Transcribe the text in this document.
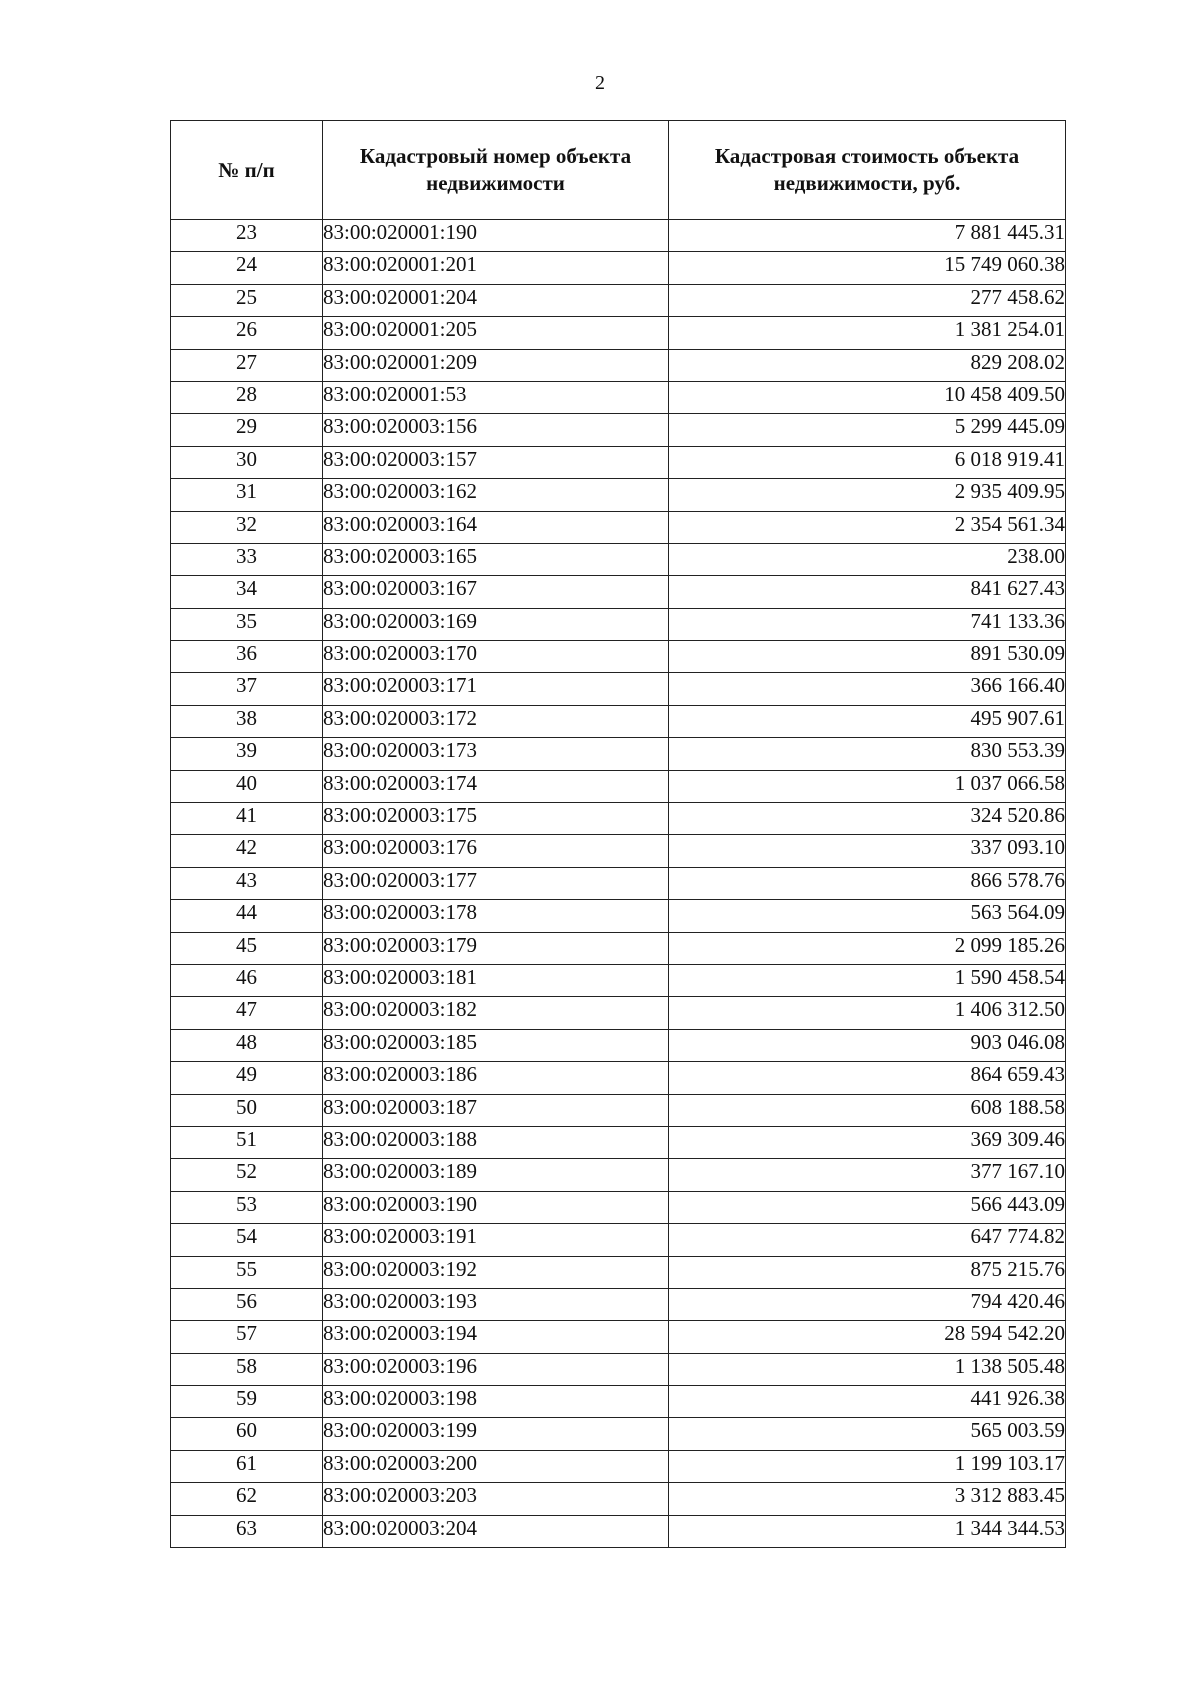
2
№ п/п	Кадастровый номер объекта недвижимости	Кадастровая стоимость объекта недвижимости, руб.
23	83:00:020001:190	7 881 445.31
24	83:00:020001:201	15 749 060.38
25	83:00:020001:204	277 458.62
26	83:00:020001:205	1 381 254.01
27	83:00:020001:209	829 208.02
28	83:00:020001:53	10 458 409.50
29	83:00:020003:156	5 299 445.09
30	83:00:020003:157	6 018 919.41
31	83:00:020003:162	2 935 409.95
32	83:00:020003:164	2 354 561.34
33	83:00:020003:165	238.00
34	83:00:020003:167	841 627.43
35	83:00:020003:169	741 133.36
36	83:00:020003:170	891 530.09
37	83:00:020003:171	366 166.40
38	83:00:020003:172	495 907.61
39	83:00:020003:173	830 553.39
40	83:00:020003:174	1 037 066.58
41	83:00:020003:175	324 520.86
42	83:00:020003:176	337 093.10
43	83:00:020003:177	866 578.76
44	83:00:020003:178	563 564.09
45	83:00:020003:179	2 099 185.26
46	83:00:020003:181	1 590 458.54
47	83:00:020003:182	1 406 312.50
48	83:00:020003:185	903 046.08
49	83:00:020003:186	864 659.43
50	83:00:020003:187	608 188.58
51	83:00:020003:188	369 309.46
52	83:00:020003:189	377 167.10
53	83:00:020003:190	566 443.09
54	83:00:020003:191	647 774.82
55	83:00:020003:192	875 215.76
56	83:00:020003:193	794 420.46
57	83:00:020003:194	28 594 542.20
58	83:00:020003:196	1 138 505.48
59	83:00:020003:198	441 926.38
60	83:00:020003:199	565 003.59
61	83:00:020003:200	1 199 103.17
62	83:00:020003:203	3 312 883.45
63	83:00:020003:204	1 344 344.53
